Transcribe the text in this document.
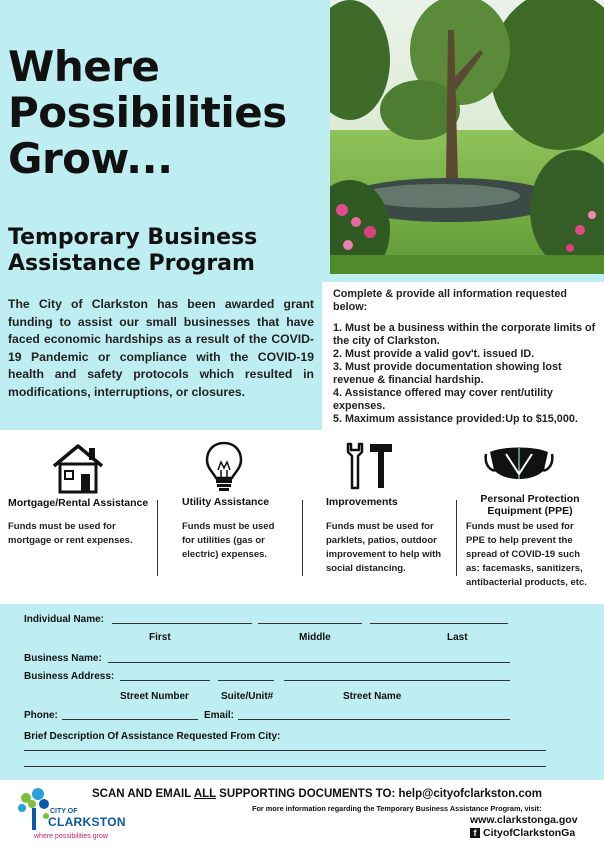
Where
Possibilities
Grow...
Temporary Business
Assistance Program
The City of Clarkston has been awarded grant funding to assist our small businesses that have faced economic hardships as a result of the COVID-19 Pandemic or compliance with the COVID-19 health and safety protocols which resulted in modifications, interruptions, or closures.

Complete & provide all information requested below:

1. Must be a business within the corporate limits of the city of Clarkston.

2. Must provide a valid gov't. issued ID.

3. Must provide documentation showing lost revenue & financial hardship.

4. Assistance offered may cover rent/utility expenses.

5. Maximum assistance provided:Up to $15,000.

Mortgage/Rental Assistance
Funds must be used for mortgage or rent expenses.
Utility Assistance
Funds must be used for utilities (gas or electric) expenses.
Improvements
Funds must be used for parklets, patios, outdoor improvement to help with social distancing.
Personal Protection Equipment (PPE)
Funds must be used for PPE to help prevent the spread of COVID-19 such as: facemasks, sanitizers, antibacterial products, etc.
Individual Name:
First	Middle	Last
Business Name:
Business Address:
Street Number	Suite/Unit#	Street Name
Phone:	Email:
Brief Description Of Assistance Requested From City:
SCAN AND EMAIL ALL SUPPORTING DOCUMENTS TO: help@cityofclarkston.com
For more information regarding the Temporary Business Assistance Program, visit:
www.clarkstonga.gov
f CityofClarkstonGa
CITY OF
CLARKSTON
where possibilities grow
